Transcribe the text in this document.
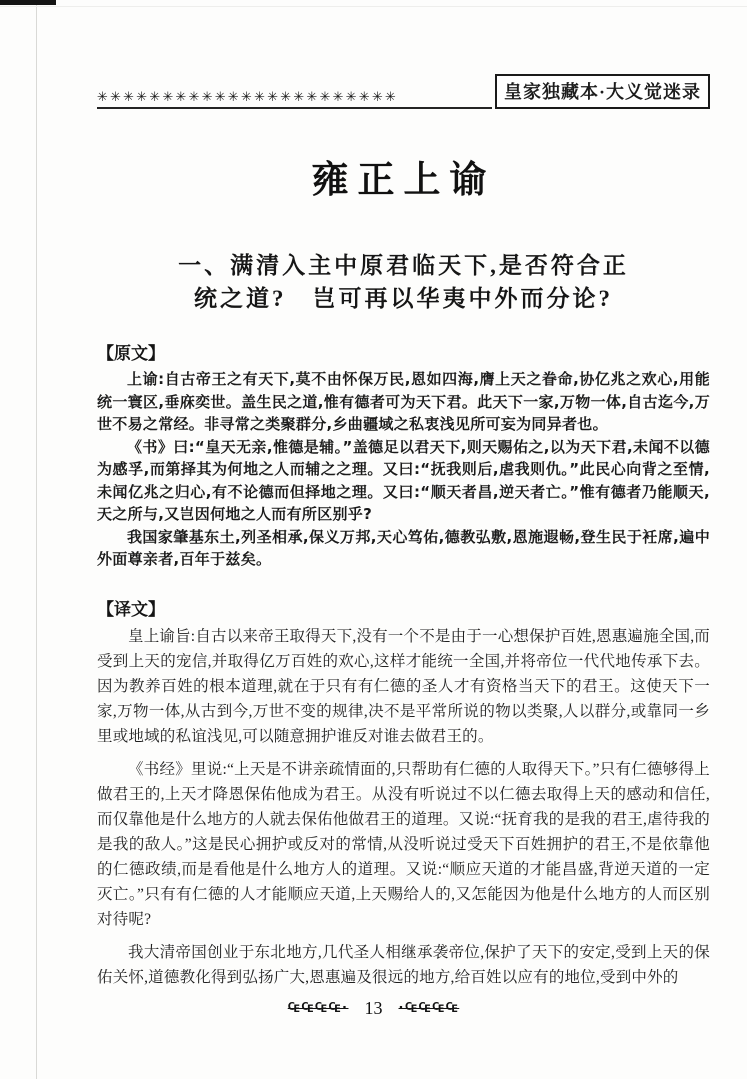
✳✳✳✳✳✳✳✳✳✳✳✳✳✳✳✳✳✳✳✳✳✳✳	皇家独藏本·大义觉迷录
雍正上谕
一、满清入主中原君临天下,是否符合正
统之道?　岂可再以华夷中外而分论?
【原文】

上谕:自古帝王之有天下,莫不由怀保万民,恩如四海,膺上天之眷命,协亿兆之欢心,用能统一寰区,垂庥奕世。盖生民之道,惟有德者可为天下君。此天下一家,万物一体,自古迄今,万世不易之常经。非寻常之类聚群分,乡曲疆域之私衷浅见所可妄为同异者也。

《书》曰:“皇天无亲,惟德是辅。”盖德足以君天下,则天赐佑之,以为天下君,未闻不以德为感孚,而第择其为何地之人而辅之之理。又曰:“抚我则后,虐我则仇。”此民心向背之至情,未闻亿兆之归心,有不论德而但择地之理。又曰:“顺天者昌,逆天者亡。”惟有德者乃能顺天,天之所与,又岂因何地之人而有所区别乎?

我国家肇基东土,列圣相承,保义万邦,天心笃佑,德教弘敷,恩施遐畅,登生民于衽席,遍中外面尊亲者,百年于兹矣。

【译文】

皇上谕旨:自古以来帝王取得天下,没有一个不是由于一心想保护百姓,恩惠遍施全国,而受到上天的宠信,并取得亿万百姓的欢心,这样才能统一全国,并将帝位一代代地传承下去。因为教养百姓的根本道理,就在于只有有仁德的圣人才有资格当天下的君王。这使天下一家,万物一体,从古到今,万世不变的规律,决不是平常所说的物以类聚,人以群分,或靠同一乡里或地域的私谊浅见,可以随意拥护谁反对谁去做君王的。

《书经》里说:“上天是不讲亲疏情面的,只帮助有仁德的人取得天下。”只有仁德够得上做君王的,上天才降恩保佑他成为君王。从没有听说过不以仁德去取得上天的感动和信任,而仅靠他是什么地方的人就去保佑他做君王的道理。又说:“抚育我的是我的君王,虐待我的是我的敌人。”这是民心拥护或反对的常情,从没听说过受天下百姓拥护的君王,不是依靠他的仁德政绩,而是看他是什么地方人的道理。又说:“顺应天道的才能昌盛,背逆天道的一定灭亡。”只有有仁德的人才能顺应天道,上天赐给人的,又怎能因为他是什么地方的人而区别对待呢?

我大清帝国创业于东北地方,几代圣人相继承袭帝位,保护了天下的安定,受到上天的保佑关怀,道德教化得到弘扬广大,恩惠遍及很远的地方,给百姓以应有的地位,受到中外的

₠₠₠₠· 13 ·₠₠₠₠
